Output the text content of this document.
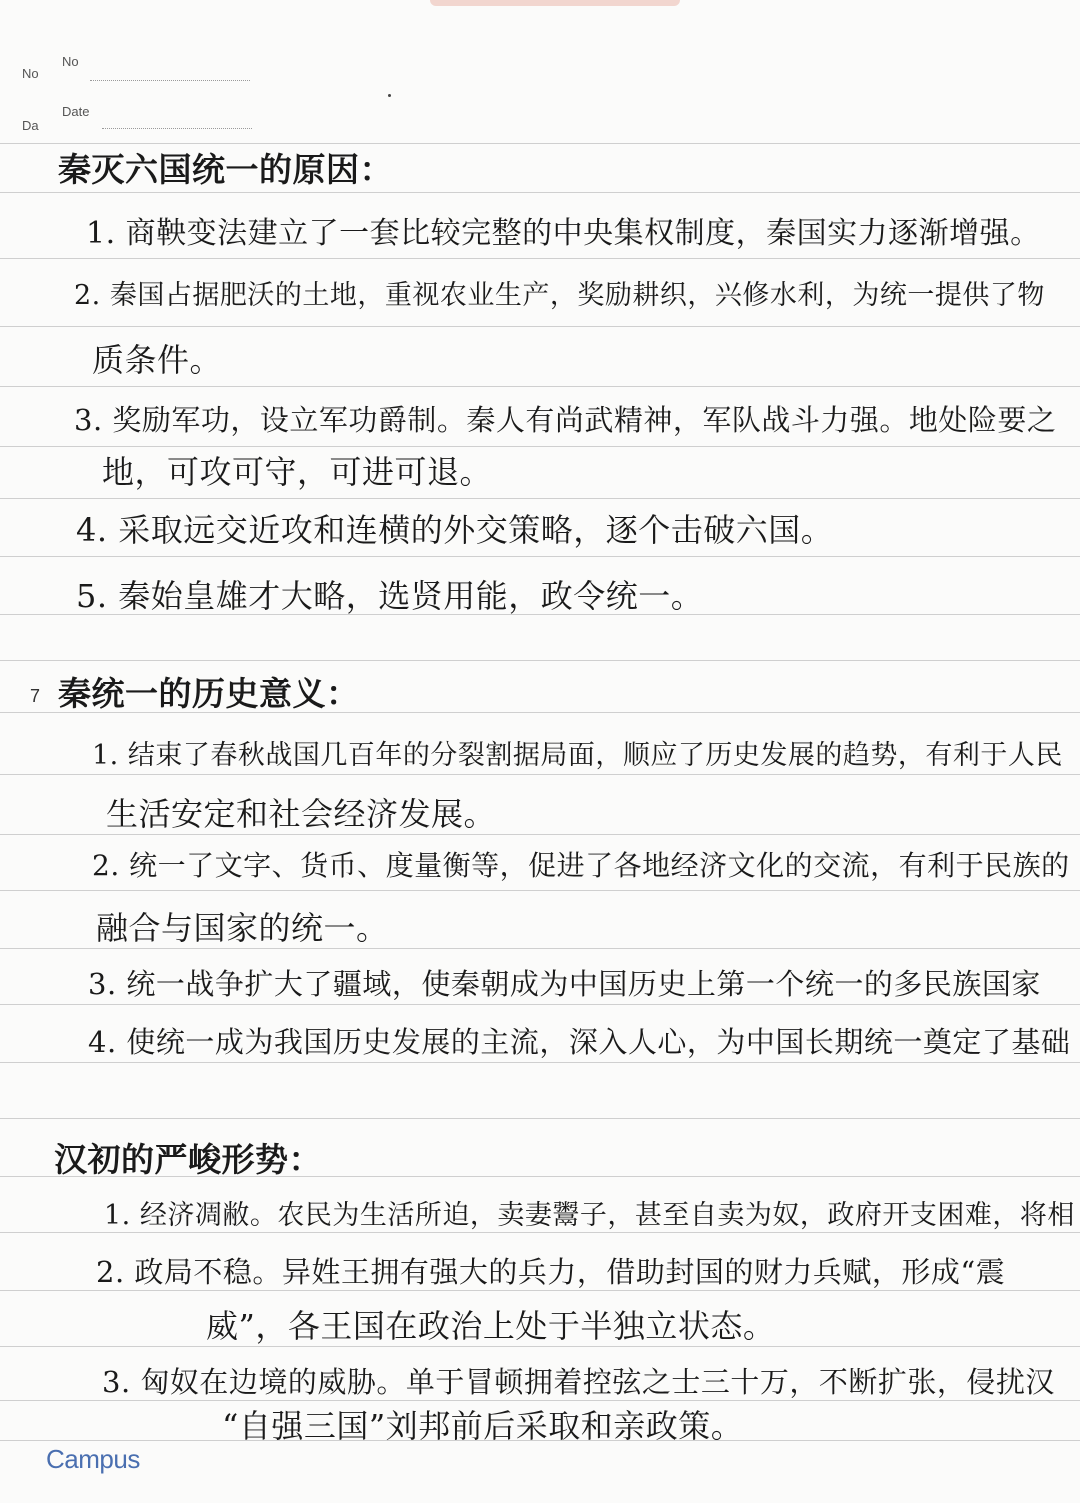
No
Da
No
Date
秦灭六国统一的原因：
1. 商鞅变法建立了一套比较完整的中央集权制度，秦国实力逐渐增强。
2. 秦国占据肥沃的土地，重视农业生产，奖励耕织，兴修水利，为统一提供了物
质条件。
3. 奖励军功，设立军功爵制。秦人有尚武精神，军队战斗力强。地处险要之
地，可攻可守，可进可退。
4. 采取远交近攻和连横的外交策略，逐个击破六国。
5. 秦始皇雄才大略，选贤用能，政令统一。
7 秦统一的历史意义：
1. 结束了春秋战国几百年的分裂割据局面，顺应了历史发展的趋势，有利于人民
生活安定和社会经济发展。
2. 统一了文字、货币、度量衡等，促进了各地经济文化的交流，有利于民族的
融合与国家的统一。
3. 统一战争扩大了疆域，使秦朝成为中国历史上第一个统一的多民族国家
4. 使统一成为我国历史发展的主流，深入人心，为中国长期统一奠定了基础
汉初的严峻形势：
1. 经济凋敝。农民为生活所迫，卖妻鬻子，甚至自卖为奴，政府开支困难，将相
2. 政局不稳。异姓王拥有强大的兵力，借助封国的财力兵赋，形成“震
威”，各王国在政治上处于半独立状态。
3. 匈奴在边境的威胁。单于冒顿拥着控弦之士三十万，不断扩张，侵扰汉
“自强三国”刘邦前后采取和亲政策。
Campus
